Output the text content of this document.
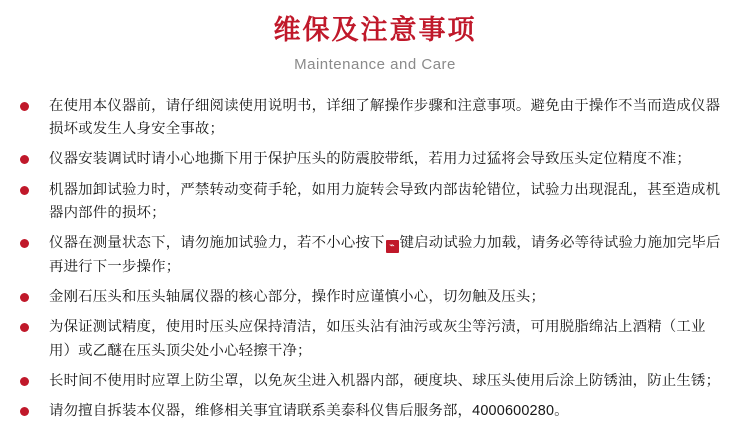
维保及注意事项
Maintenance and Care
在使用本仪器前，请仔细阅读使用说明书，详细了解操作步骤和注意事项。避免由于操作不当而造成仪器损坏或发生人身安全事故；
仪器安装调试时请小心地撕下用于保护压头的防震胶带纸，若用力过猛将会导致压头定位精度不准；
机器加卸试验力时，严禁转动变荷手轮，如用力旋转会导致内部齿轮错位，试验力出现混乱，甚至造成机器内部件的损坏；
仪器在测量状态下，请勿施加试验力，若不小心按下 ⌁ 键启动试验力加载，请务必等待试验力施加完毕后再进行下一步操作；
金刚石压头和压头轴属仪器的核心部分，操作时应谨慎小心，切勿触及压头；
为保证测试精度，使用时压头应保持清洁，如压头沾有油污或灰尘等污渍，可用脱脂绵沾上酒精（工业用）或乙醚在压头顶尖处小心轻擦干净；
长时间不使用时应罩上防尘罩，以免灰尘进入机器内部，硬度块、球压头使用后涂上防锈油，防止生锈；
请勿擅自拆装本仪器，维修相关事宜请联系美泰科仪售后服务部，4000600280。
